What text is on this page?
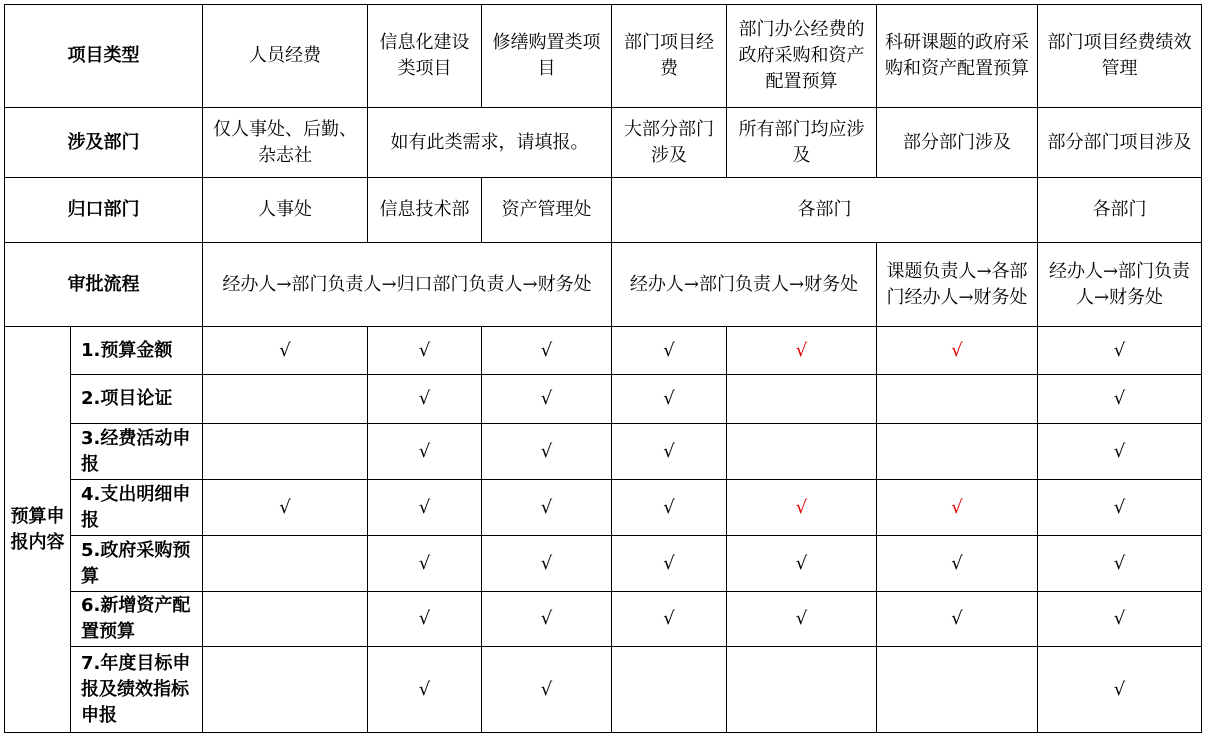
项目类型		人员经费	信息化建设类项目	修缮购置类项目	部门项目经费	部门办公经费的政府采购和资产配置预算	科研课题的政府采购和资产配置预算	部门项目经费绩效管理
涉及部门		仅人事处、后勤、杂志社	如有此类需求，请填报。		大部分部门涉及	所有部门均应涉及	部分部门涉及	部分部门项目涉及
归口部门		人事处	信息技术部	资产管理处	各部门			各部门
审批流程		经办人→部门负责人→归口部门负责人→财务处			经办人→部门负责人→财务处		课题负责人→各部门经办人→财务处	经办人→部门负责人→财务处
预算申报内容	1.预算金额	√	√	√	√	√	√	√
	2.项目论证		√	√	√			√
	3.经费活动申报		√	√	√			√
	4.支出明细申报	√	√	√	√	√	√	√
	5.政府采购预算		√	√	√	√	√	√
	6.新增资产配置预算		√	√	√	√	√	√
	7.年度目标申报及绩效指标申报		√	√				√
